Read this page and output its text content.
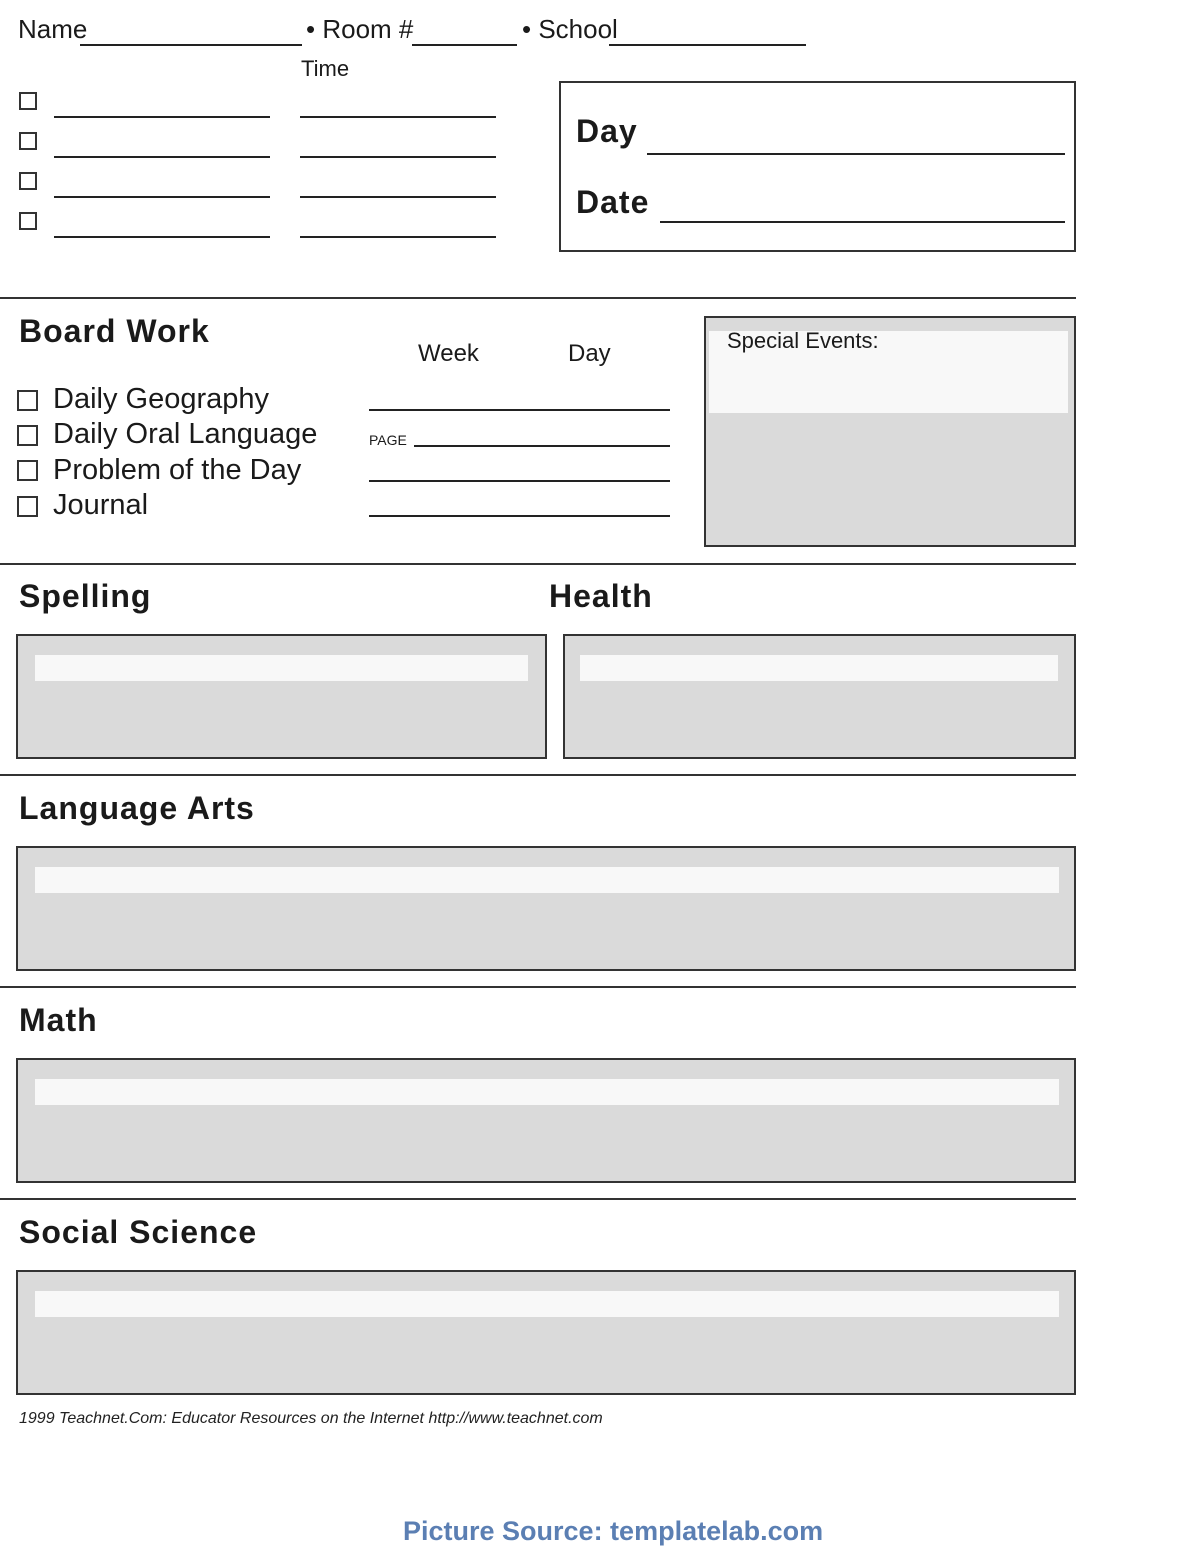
Name	• Room #	• School
Time
Day
Date
Board Work
Week	Day
Daily Geography
Daily Oral Language	PAGE
Problem of the Day
Journal
Special Events:
Spelling	Health
Language Arts
Math
Social Science
1999 Teachnet.Com: Educator Resources on the Internet http://www.teachnet.com
Picture Source: templatelab.com
